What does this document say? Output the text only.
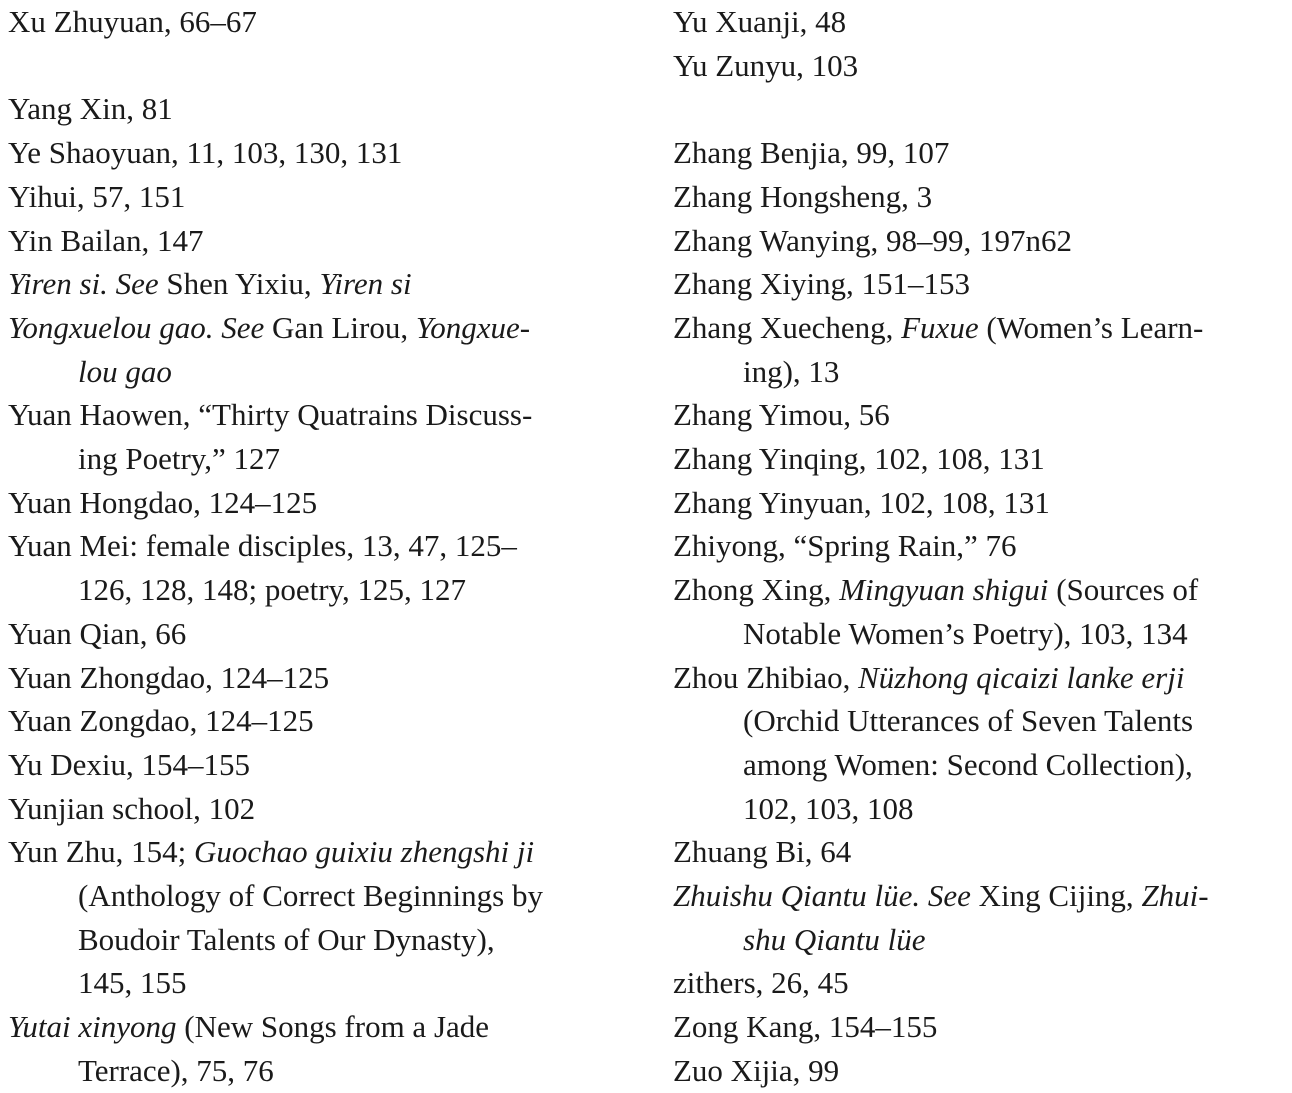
Xu Zhuyuan, 66–67

Yang Xin, 81

Ye Shaoyuan, 11, 103, 130, 131

Yihui, 57, 151

Yin Bailan, 147

Yiren si. See Shen Yixiu, Yiren si

Yongxuelou gao. See Gan Lirou, Yongxue-
lou gao

Yuan Haowen, “Thirty Quatrains Discuss-
ing Poetry,” 127

Yuan Hongdao, 124–125

Yuan Mei: female disciples, 13, 47, 125–
126, 128, 148; poetry, 125, 127

Yuan Qian, 66

Yuan Zhongdao, 124–125

Yuan Zongdao, 124–125

Yu Dexiu, 154–155

Yunjian school, 102

Yun Zhu, 154; Guochao guixiu zhengshi ji
(Anthology of Correct Beginnings by
Boudoir Talents of Our Dynasty),
145, 155

Yutai xinyong (New Songs from a Jade
Terrace), 75, 76

Yu Xuanji, 48

Yu Zunyu, 103

Zhang Benjia, 99, 107

Zhang Hongsheng, 3

Zhang Wanying, 98–99, 197n62

Zhang Xiying, 151–153

Zhang Xuecheng, Fuxue (Women’s Learn-
ing), 13

Zhang Yimou, 56

Zhang Yinqing, 102, 108, 131

Zhang Yinyuan, 102, 108, 131

Zhiyong, “Spring Rain,” 76

Zhong Xing, Mingyuan shigui (Sources of
Notable Women’s Poetry), 103, 134

Zhou Zhibiao, Nüzhong qicaizi lanke erji
(Orchid Utterances of Seven Talents
among Women: Second Collection),
102, 103, 108

Zhuang Bi, 64

Zhuishu Qiantu lüe. See Xing Cijing, Zhui-
shu Qiantu lüe

zithers, 26, 45

Zong Kang, 154–155

Zuo Xijia, 99
